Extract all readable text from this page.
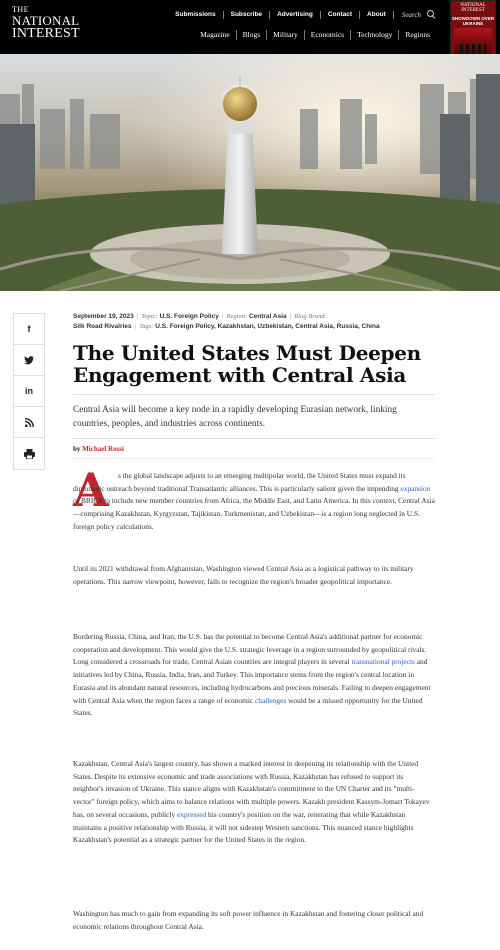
THE
NATIONAL
INTEREST
Submissions	Subscribe	Advertising	Contact	About	Search
Magazine	Blogs	Military	Economics	Technology	Regions
NATIONAL INTEREST
SHOWDOWN OVER UKRAINE
f
in
September 19, 2023 | Topic: U.S. Foreign Policy | Region: Central Asia | Blog Brand:
Silk Road Rivalries | Tags: U.S. Foreign Policy, Kazakhstan, Uzbekistan, Central Asia, Russia, China
The United States Must Deepen Engagement with Central Asia

Central Asia will become a key node in a rapidly developing Eurasian network, linking countries, peoples, and industries across continents.

by Michael Rossi
A	s the global landscape adjusts to an emerging multipolar world, the United States must expand its diplomatic outreach beyond traditional Transatlantic alliances. This is particularly salient given the impending expansion of BRICS to include new member countries from Africa, the Middle East, and Latin America. In this context, Central Asia—comprising Kazakhstan, Kyrgyzstan, Tajikistan, Turkmenistan, and Uzbekistan—is a region long neglected in U.S. foreign policy calculations.

Until its 2021 withdrawal from Afghanistan, Washington viewed Central Asia as a logistical pathway to its military operations. This narrow viewpoint, however, fails to recognize the region's broader geopolitical importance.

Bordering Russia, China, and Iran, the U.S. has the potential to become Central Asia's additional partner for economic cooperation and development. This would give the U.S. strategic leverage in a region surrounded by geopolitical rivals. Long considered a crossroads for trade, Central Asian countries are integral players in several transnational projects and initiatives led by China, Russia, India, Iran, and Turkey. This importance stems from the region's central location in Eurasia and its abundant natural resources, including hydrocarbons and precious minerals. Failing to deepen engagement with Central Asia when the region faces a range of economic challenges would be a missed opportunity for the United States.

Kazakhstan, Central Asia's largest country, has shown a marked interest in deepening its relationship with the United States. Despite its extensive economic and trade associations with Russia, Kazakhstan has refused to support its neighbor's invasion of Ukraine. This stance aligns with Kazakhstan's commitment to the UN Charter and its "multi-vector" foreign policy, which aims to balance relations with multiple powers. Kazakh president Kassym-Jomart Tokayev has, on several occasions, publicly expressed his country's position on the war, reiterating that while Kazakhstan maintains a positive relationship with Russia, it will not sidestep Western sanctions. This nuanced stance highlights Kazakhstan's potential as a strategic partner for the United States in the region.

Washington has much to gain from expanding its soft power influence in Kazakhstan and fostering closer political and economic relations throughout Central Asia.
